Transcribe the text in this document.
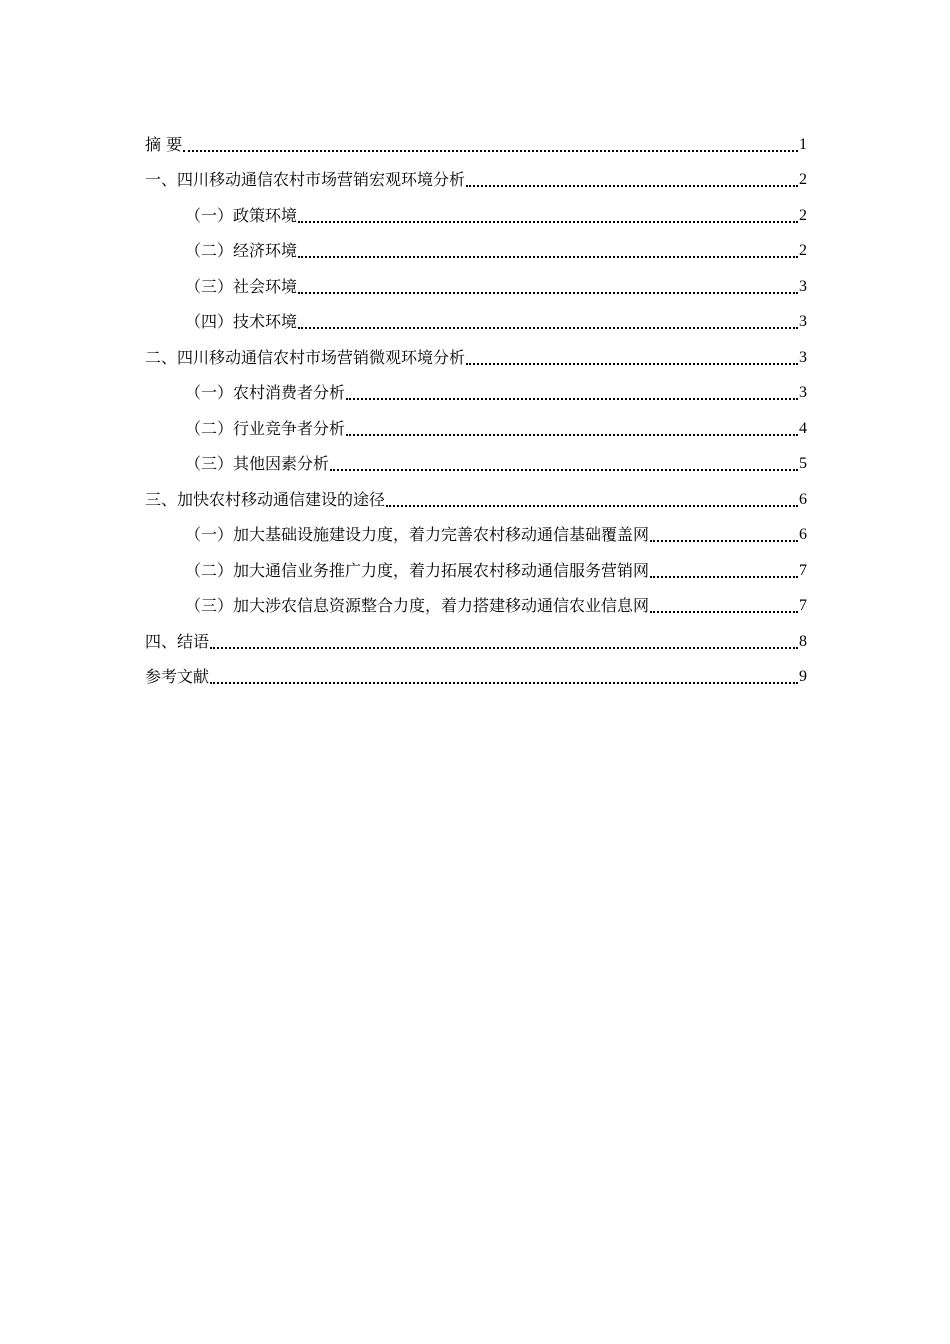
摘 要	1
一、四川移动通信农村市场营销宏观环境分析	2
（一）政策环境	2
（二）经济环境	2
（三）社会环境	3
（四）技术环境	3
二、四川移动通信农村市场营销微观环境分析	3
（一）农村消费者分析	3
（二）行业竞争者分析	4
（三）其他因素分析	5
三、加快农村移动通信建设的途径	6
（一）加大基础设施建设力度，着力完善农村移动通信基础覆盖网	6
（二）加大通信业务推广力度，着力拓展农村移动通信服务营销网	7
（三）加大涉农信息资源整合力度，着力搭建移动通信农业信息网	7
四、结语	8
参考文献	9
